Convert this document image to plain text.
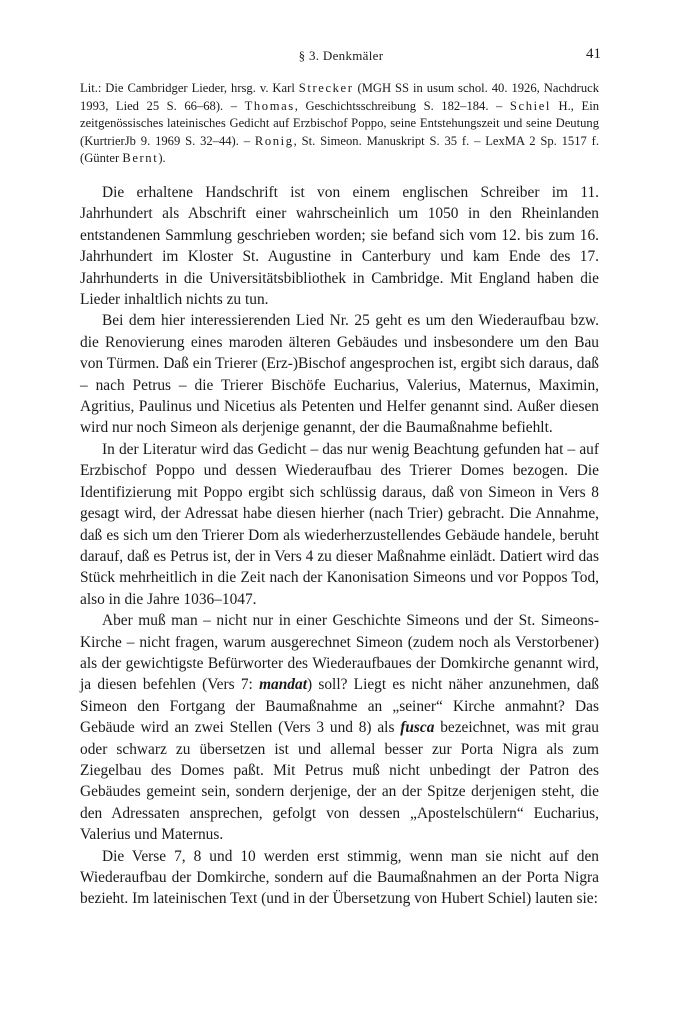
§ 3. Denkmäler	41
Lit.: Die Cambridger Lieder, hrsg. v. Karl Strecker (MGH SS in usum schol. 40. 1926, Nachdruck 1993, Lied 25 S. 66–68). – Thomas, Geschichtsschreibung S. 182–184. – Schiel H., Ein zeitgenössisches lateinisches Gedicht auf Erzbischof Poppo, seine Entstehungszeit und seine Deutung (KurtrierJb 9. 1969 S. 32–44). – Ronig, St. Simeon. Manuskript S. 35 f. – LexMA 2 Sp. 1517 f. (Günter Bernt).

Die erhaltene Handschrift ist von einem englischen Schreiber im 11. Jahrhundert als Abschrift einer wahrscheinlich um 1050 in den Rheinlanden entstandenen Sammlung geschrieben worden; sie befand sich vom 12. bis zum 16. Jahrhundert im Kloster St. Augustine in Canterbury und kam Ende des 17. Jahrhunderts in die Universitätsbibliothek in Cambridge. Mit England haben die Lieder inhaltlich nichts zu tun.

Bei dem hier interessierenden Lied Nr. 25 geht es um den Wiederaufbau bzw. die Renovierung eines maroden älteren Gebäudes und insbesondere um den Bau von Türmen. Daß ein Trierer (Erz-)Bischof angesprochen ist, ergibt sich daraus, daß – nach Petrus – die Trierer Bischöfe Eucharius, Valerius, Maternus, Maximin, Agritius, Paulinus und Nicetius als Petenten und Helfer genannt sind. Außer diesen wird nur noch Simeon als derjenige genannt, der die Baumaßnahme befiehlt.

In der Literatur wird das Gedicht – das nur wenig Beachtung gefunden hat – auf Erzbischof Poppo und dessen Wiederaufbau des Trierer Domes bezogen. Die Identifizierung mit Poppo ergibt sich schlüssig daraus, daß von Simeon in Vers 8 gesagt wird, der Adressat habe diesen hierher (nach Trier) gebracht. Die Annahme, daß es sich um den Trierer Dom als wiederherzustellendes Gebäude handele, beruht darauf, daß es Petrus ist, der in Vers 4 zu dieser Maßnahme einlädt. Datiert wird das Stück mehrheitlich in die Zeit nach der Kanonisation Simeons und vor Poppos Tod, also in die Jahre 1036–1047.

Aber muß man – nicht nur in einer Geschichte Simeons und der St. Simeons-Kirche – nicht fragen, warum ausgerechnet Simeon (zudem noch als Verstorbener) als der gewichtigste Befürworter des Wiederaufbaues der Domkirche genannt wird, ja diesen befehlen (Vers 7: mandat) soll? Liegt es nicht näher anzunehmen, daß Simeon den Fortgang der Baumaßnahme an „seiner“ Kirche anmahnt? Das Gebäude wird an zwei Stellen (Vers 3 und 8) als fusca bezeichnet, was mit grau oder schwarz zu übersetzen ist und allemal besser zur Porta Nigra als zum Ziegelbau des Domes paßt. Mit Petrus muß nicht unbedingt der Patron des Gebäudes gemeint sein, sondern derjenige, der an der Spitze derjenigen steht, die den Adressaten ansprechen, gefolgt von dessen „Apostelschülern“ Eucharius, Valerius und Maternus.

Die Verse 7, 8 und 10 werden erst stimmig, wenn man sie nicht auf den Wiederaufbau der Domkirche, sondern auf die Baumaßnahmen an der Porta Nigra bezieht. Im lateinischen Text (und in der Übersetzung von Hubert Schiel) lauten sie:
